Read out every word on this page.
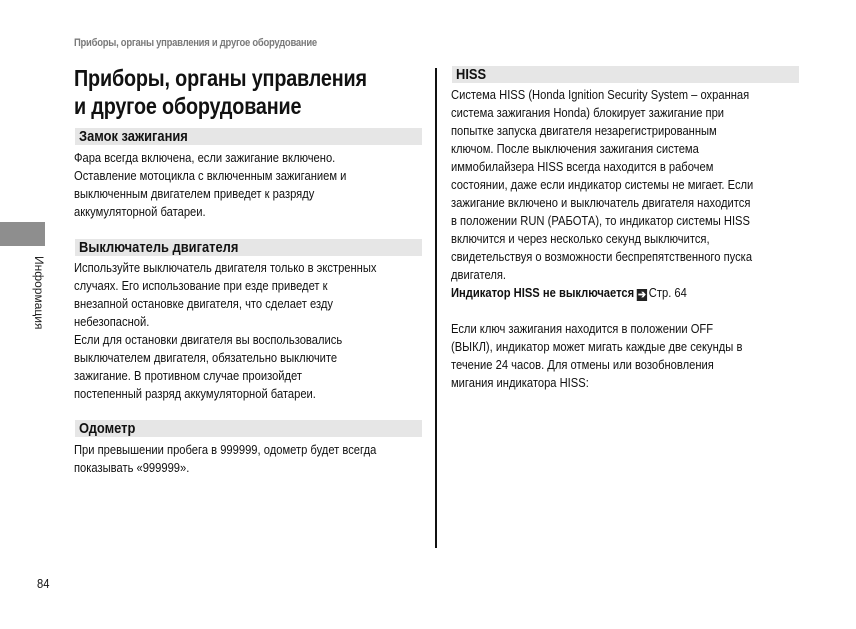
Приборы, органы управления и другое оборудование
Приборы, органы управления
и другое оборудование
Информация
Замок зажигания

Фара всегда включена, если зажигание включено.
Оставление мотоцикла с включенным зажиганием и
выключенным двигателем приведет к разряду
аккумуляторной батареи.

Выключатель двигателя

Используйте выключатель двигателя только в экстренных
случаях. Его использование при езде приведет к
внезапной остановке двигателя, что сделает езду
небезопасной.
Если для остановки двигателя вы воспользовались
выключателем двигателя, обязательно выключите
зажигание. В противном случае произойдет
постепенный разряд аккумуляторной батареи.

Одометр

При превышении пробега в 999999, одометр будет всегда
показывать «999999».

HISS

Система HISS (Honda Ignition Security System – охранная
система зажигания Honda) блокирует зажигание при
попытке запуска двигателя незарегистрированным
ключом. После выключения зажигания система
иммобилайзера HISS всегда находится в рабочем
состоянии, даже если индикатор системы не мигает. Если
зажигание включено и выключатель двигателя находится
в положении RUN (РАБОТА), то индикатор системы HISS
включится и через несколько секунд выключится,
свидетельствуя о возможности беспрепятственного пуска
двигателя.

Индикатор HISS не выключается ➔ Стр. 64

Если ключ зажигания находится в положении OFF
(ВЫКЛ), индикатор может мигать каждые две секунды в
течение 24 часов. Для отмены или возобновления
мигания индикатора HISS:

84
